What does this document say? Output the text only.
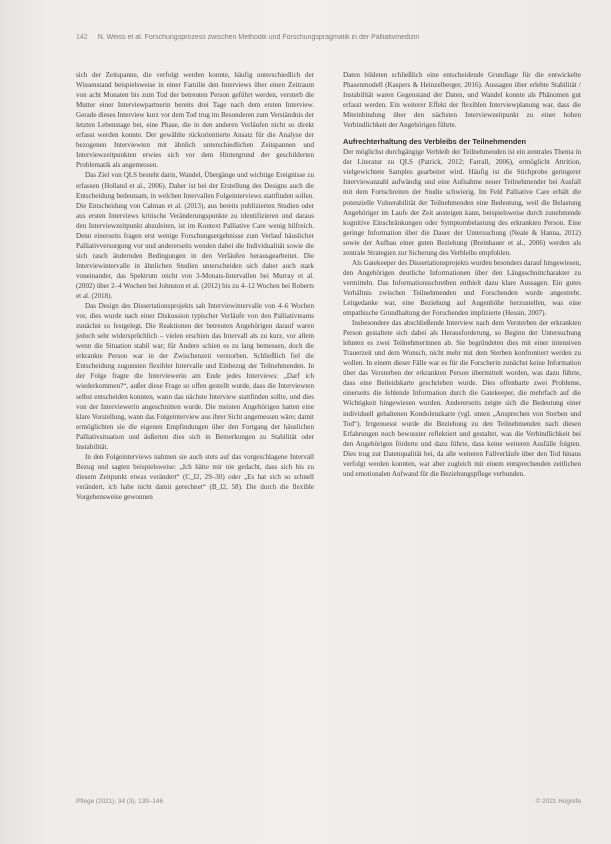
142 N. Weiss et al. Forschungsprozess zwischen Methodik und Forschungspragmatik in der Palliativmedizin

sich der Zeitspanne, die verfolgt werden konnte, häufig unterschiedlich der Wissenstand beispielsweise in einer Familie den Interviews über einen Zeitraum von acht Monaten bis zum Tod der betreuten Person geführt werden, versterb die Mutter einer Interviewpartnerin bereits drei Tage nach dem ersten Interview. Gerade dieses Interview kurz vor dem Tod trug im Besonderen zum Verständnis der letzten Lebenstage bei, eine Phase, die in den anderen Verläufen nicht so direkt erfasst werden konnte. Der gewählte rückorientierte Ansatz für die Analyse der bezogenen Interviewten mit ähnlich unterschiedlichen Zeitspannen und Interviewzeitpunkten erwies sich vor dem Hintergrund der geschilderten Problematik als angemessen.

Das Ziel von QLS besteht darin, Wandel, Übergänge und wichtige Ereignisse zu erfassen (Holland et al., 2006). Daher ist bei der Erstellung des Designs auch die Entscheidung bedeutsam, in welchen Intervallen Folgeinterviews stattfinden sollen. Die Entscheidung von Calman et al. (2013), aus bereits publizierten Studien oder aus ersten Interviews kritische Veränderungspunkte zu identifizieren und daraus den Interviewzeitpunkt abzuleiten, ist im Kontext Palliative Care wenig hilfreich. Denn einerseits fragen erst wenige Forschungsergebnisse zum Verlauf häuslicher Palliativversorgung vor und andererseits wenden dabei die Individualität sowie die sich rasch ändernden Bedingungen in den Verläufen herausgearbeitet. Die Interviewintervalle in ähnlichen Studien unterscheiden sich daher auch stark voneinander, das Spektrum reicht von 3-Monats-Intervallen bei Murray et al. (2002) über 2–4 Wochen bei Johnston et al. (2012) bis zu 4–12 Wochen bei Roberts et al. (2018).

Das Design des Dissertationsprojekts sah Interviewintervalle von 4–6 Wochen vor, dies wurde nach einer Diskussion typischer Verläufe von den Palliativteams zunächst so festgelegt. Die Reaktionen der betreuten Angehörigen darauf waren jedoch sehr widersprüchlich – vielen erschien das Intervall als zu kurz, vor allem wenn die Situation stabil war; für Andere schien es zu lang bemessen, doch die erkrankte Person war in der Zwischenzeit verstorben. Schließlich fiel die Entscheidung zugunsten flexibler Intervalle und Einbezug der Teilnehmenden. In der Folge fragte die Interviewerin am Ende jedes Interviews: „Darf ich wiederkommen?“, außer diese Frage so offen gestellt wurde, dass die Interviewten selbst entscheiden konnten, wann das nächste Interview stattfinden sollte, und dies von der Interviewerin angeschnitten wurde. Die meisten Angehörigen hatten eine klare Vorstellung, wann das Folgeinterview aus ihrer Sicht angemessen wäre; damit ermöglichten sie die eigenen Empfindungen über den Fortgang der häuslichen Palliativsituation und äußerten dies sich in Bemerkungen zu Stabilität oder Instabilität.

In den Folgeinterviews nahmen sie auch stets auf das vorgeschlagene Intervall Bezug und sagten beispielsweise: „Ich hätte mir nie gedacht, dass sich bis zu diesem Zeitpunkt etwas verändert“ (C_I2, 29–30) oder „Es hat sich so schnell verändert, ich habe nicht damit gerechnet“ (B_I2, 58). Die durch die flexible Vorgehensweise gewonnen

Daten bildeten schließlich eine entscheidende Grundlage für die entwickelte Phasenmodell (Kaspers & Heinzelberger, 2016). Aussagen über erlebte Stabilität / Instabilität waren Gegenstand der Daten, und Wandel konnte als Phänomen gut erfasst werden. Ein weiterer Effekt der flexiblen Interviewplanung war, dass die Miteinbindung über den nächsten Interviewzeitpunkt zu einer hohen Verbindlichkeit der Angehörigen führte.

Aufrechterhaltung des Verbleibs der Teilnehmenden

Der möglichst durchgängige Verbleib der Teilnehmenden ist ein zentrales Thema in der Literatur zu QLS (Patrick, 2012; Farrall, 2006), ermöglicht Attrition, vielgewichtete Samples gearbeitet wird. Häufig ist die Stichprobe geringerer Interviewanzahl aufwändig und eine Aufnahme neuer Teilnehmender bei Ausfall mit dem Fortschreiten der Studie schwierig. Im Feld Palliative Care erhält die potenzielle Vulnerabilität der Teilnehmenden eine Bedeutung, weil die Belastung Angehöriger im Laufe der Zeit ansteigen kann, beispielsweise durch zunehmende kognitive Einschränkungen oder Symptombelastung des erkrankten Person. Eine geringe Information über die Dauer der Untersuchung (Neale & Hanna, 2012) sowie der Aufbau einer guten Beziehung (Breinbauer et al., 2006) werden als zentrale Strategien zur Sicherung des Verbleibs empfohlen.

Als Gatekeeper des Dissertationsprojekts wurden besonders darauf hingewiesen, den Angehörigen deutliche Informationen über den Längsschnittcharakter zu vermitteln. Das Informationsschreiben enthielt dazu klare Aussagen. Ein gutes Verhältnis zwischen Teilnehmenden und Forschenden wurde angestrebt. Leitgedanke war, eine Beziehung auf Augenhöhe herzustellen, was eine empathische Grundhaltung der Forschenden implizierte (Hessin, 2007).

Insbesondere das abschließende Interview nach dem Versterben der erkrankten Person gestaltete sich dabei als Herausforderung, so Beginn der Untersuchung lehnten es zwei Teilnehmerinnen ab. Sie begründeten dies mit einer intensiven Trauerzeit und dem Wunsch, nicht mehr mit dem Sterben konfrontiert werden zu wollen. In einem dieser Fälle war es für die Forscherin zunächst keine Information über das Versterben der erkrankten Person übermittelt worden, was dazu führte, dass eine Beileidskarte geschrieben wurde. Dies offenbarte zwei Probleme, einerseits die fehlende Information durch die Gatekeeper, die mehrfach auf die Wichtigkeit hingewiesen wurden. Andererseits zeigte sich die Bedeutung einer individuell gehaltenen Kondolenzkarte (vgl. unten „Ansprechen von Sterben und Tod“). Irrgenuesst wurde die Beziehung zu den Teilnehmenden nach diesen Erfahrungen noch bewusster reflektiert und gestaltet, was die Verbindlichkeit bei den Angehörigen förderte und dazu führte, dass keine weiteren Ausfälle folgten. Dies trug zur Datenqualität bei, da alle weiteren Fallverläufe über den Tod hinaus verfolgt werden konnten, war aber zugleich mit einem entsprechenden zeitlichen und emotionalen Aufwand für die Beziehungspflege verbunden.

Pflege (2021), 34 (3), 139–146	© 2021 Hogrefe
